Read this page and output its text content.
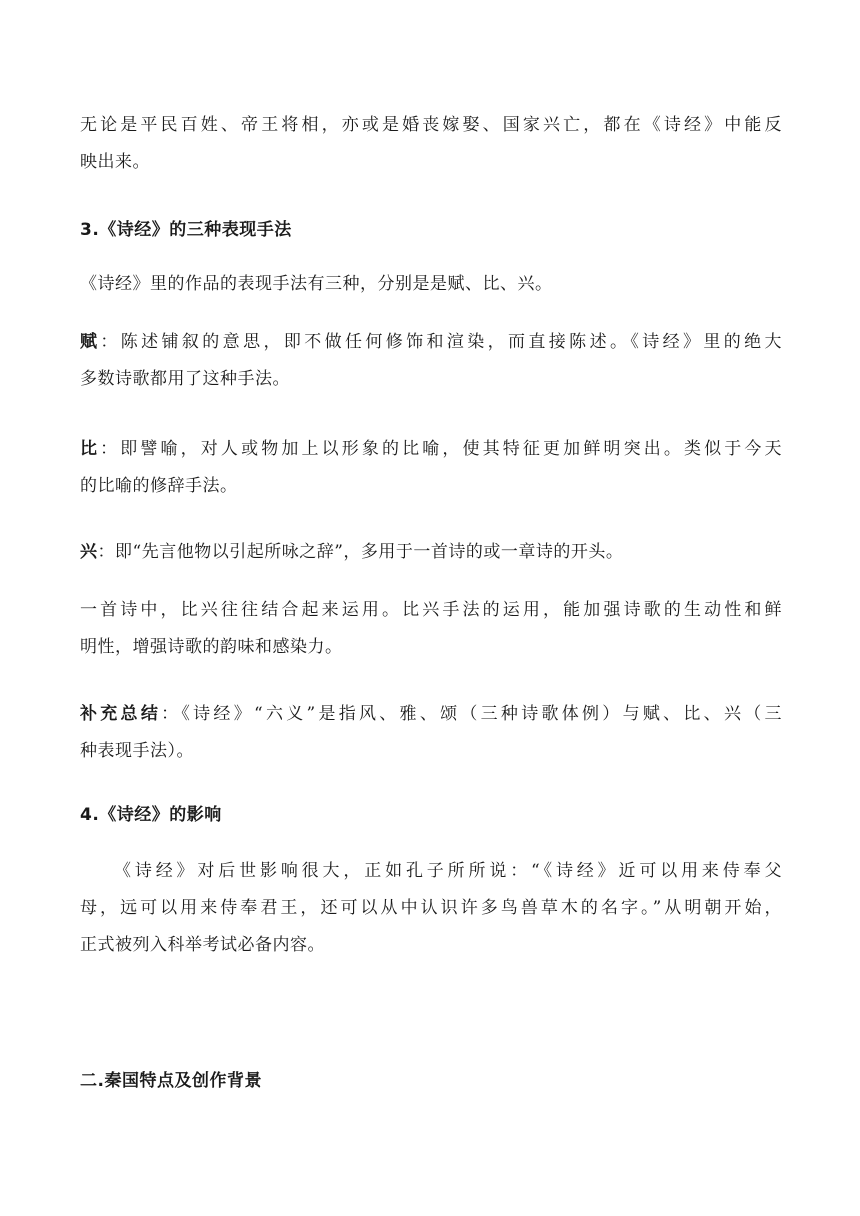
无论是平民百姓、帝王将相，亦或是婚丧嫁娶、国家兴亡，都在《诗经》中能反
映出来。
3.《诗经》的三种表现手法
《诗经》里的作品的表现手法有三种，分别是是赋、比、兴。
赋：陈述铺叙的意思，即不做任何修饰和渲染，而直接陈述。《诗经》里的绝大
多数诗歌都用了这种手法。
比：即譬喻，对人或物加上以形象的比喻，使其特征更加鲜明突出。类似于今天
的比喻的修辞手法。
兴：即“先言他物以引起所咏之辞”，多用于一首诗的或一章诗的开头。
一首诗中，比兴往往结合起来运用。比兴手法的运用，能加强诗歌的生动性和鲜
明性，增强诗歌的韵味和感染力。
补充总结：《诗经》“六义”是指风、雅、颂（三种诗歌体例）与赋、比、兴（三
种表现手法）。
4.《诗经》的影响
《诗经》对后世影响很大，正如孔子所所说：“《诗经》近可以用来侍奉父
母，远可以用来侍奉君王，还可以从中认识许多鸟兽草木的名字。”从明朝开始，
正式被列入科举考试必备内容。
二.秦国特点及创作背景
